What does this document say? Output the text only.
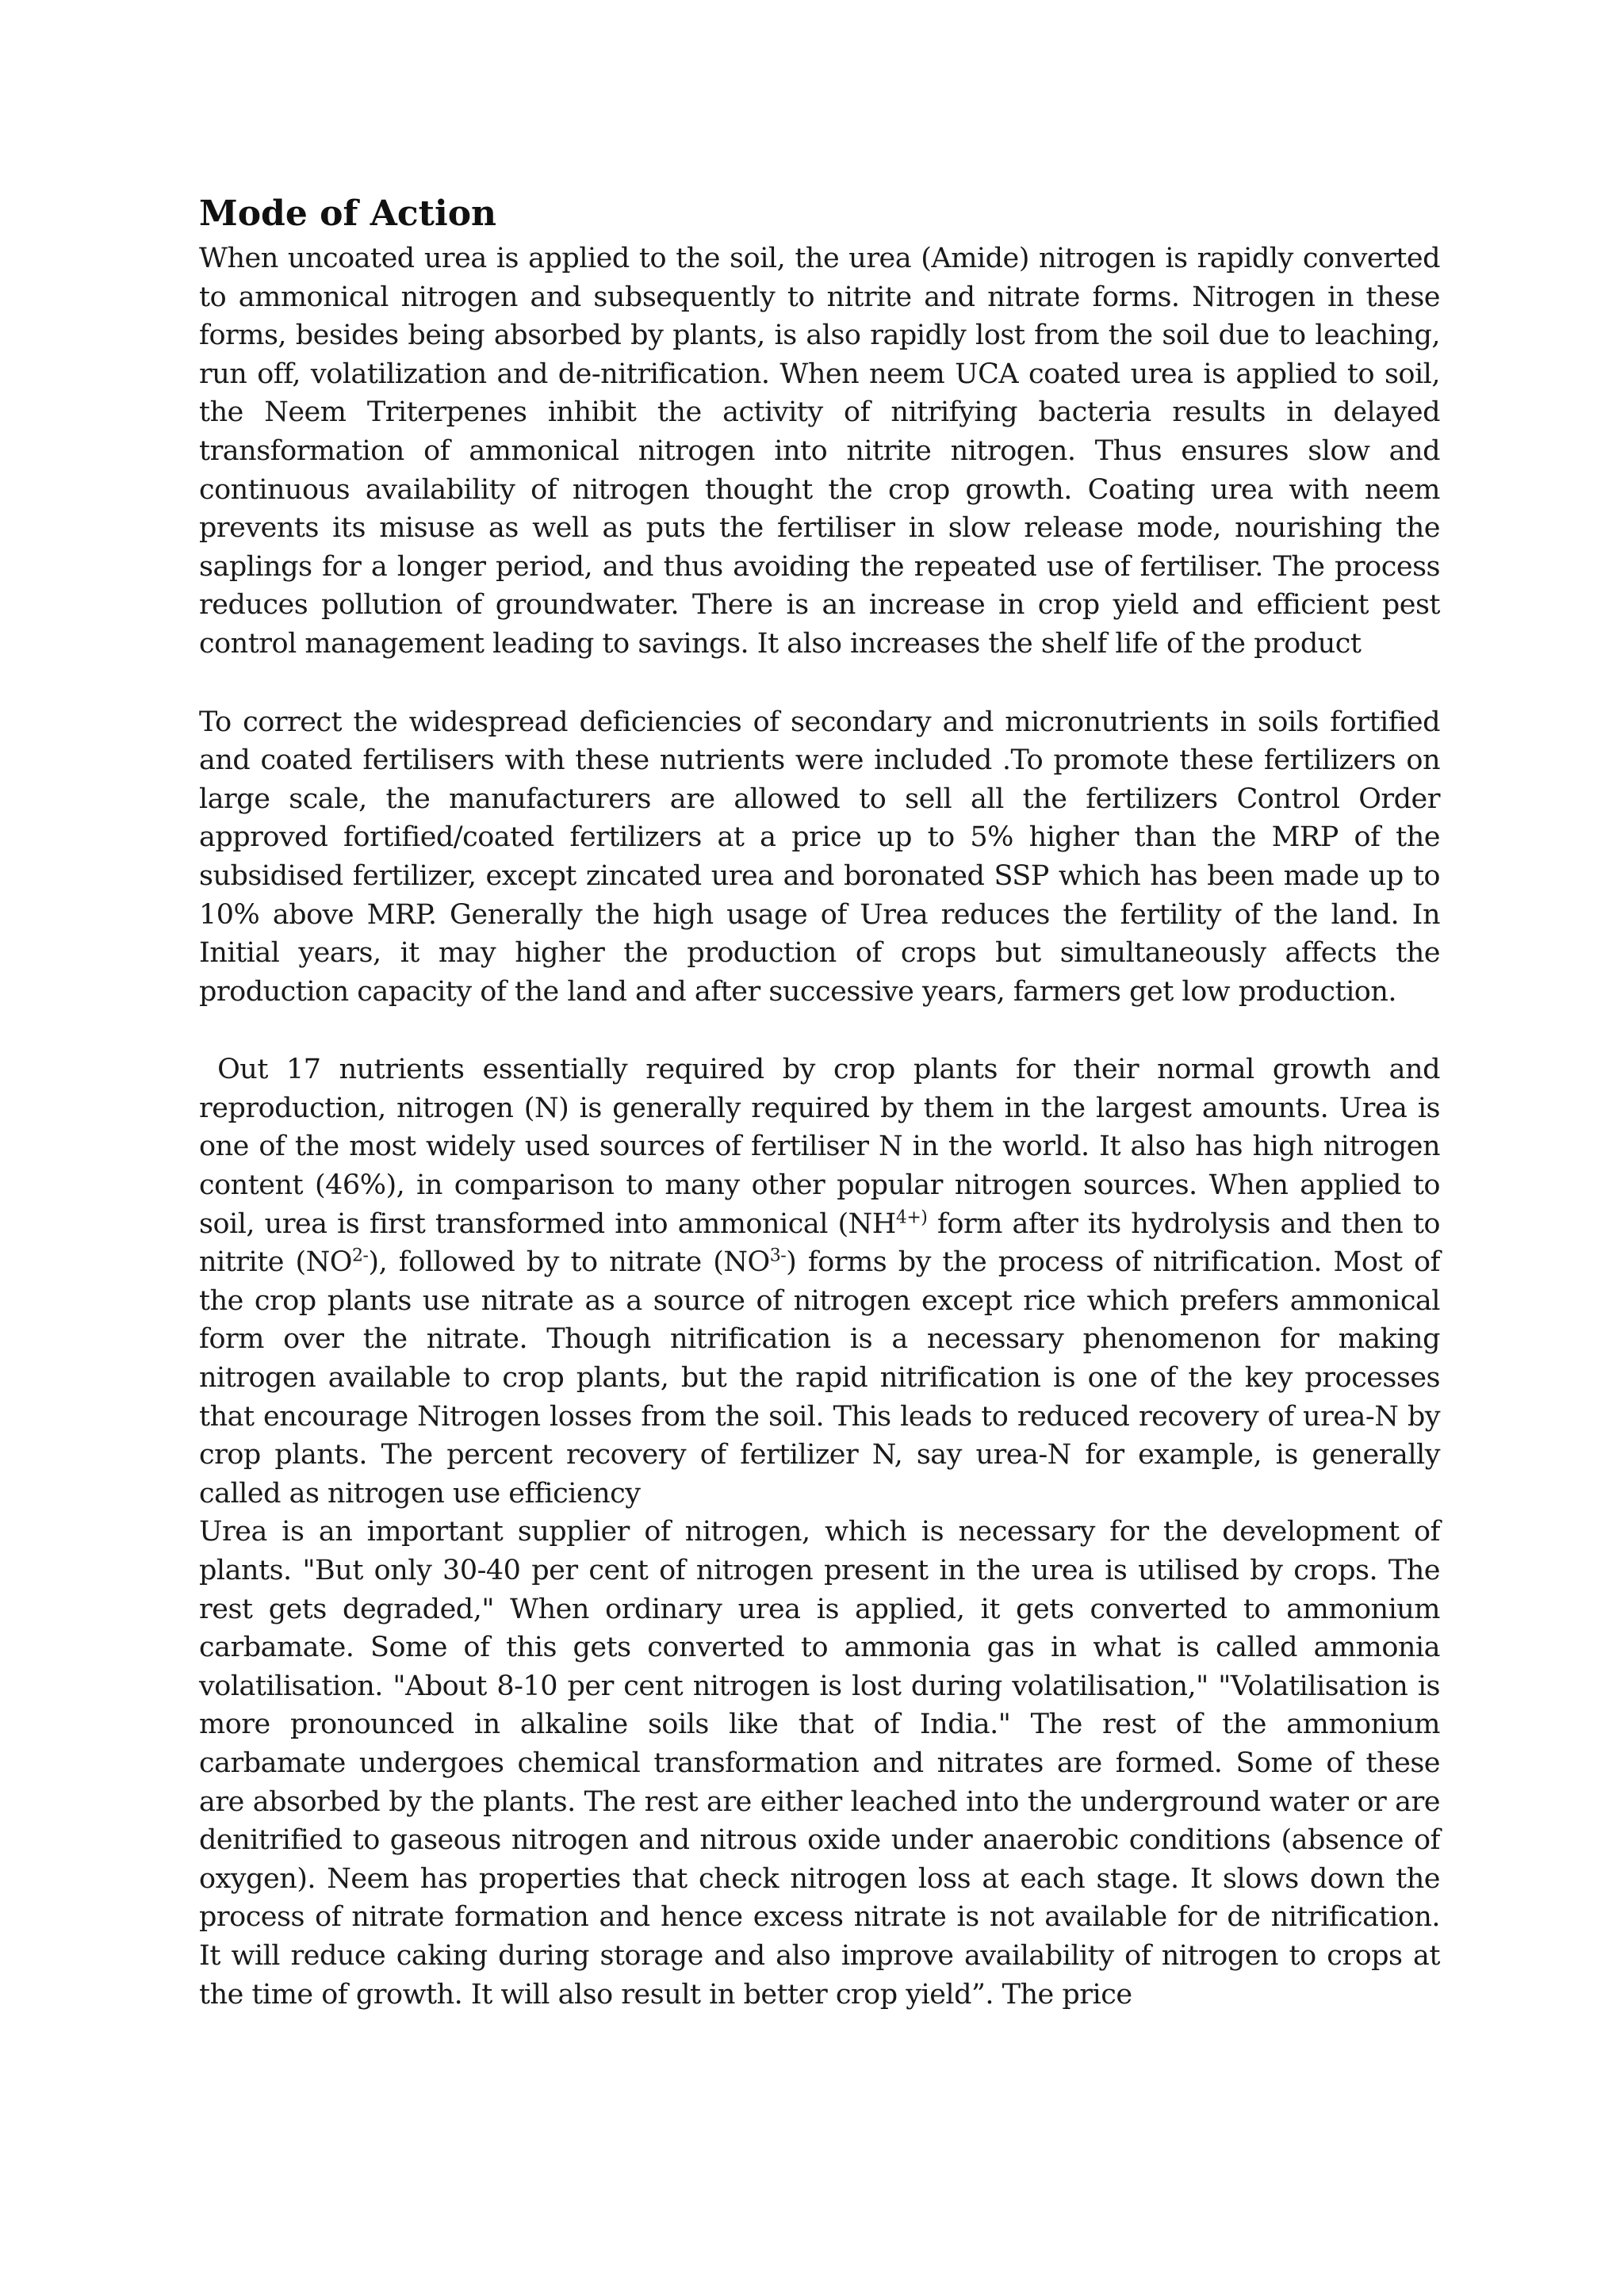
Mode of Action

When uncoated urea is applied to the soil, the urea (Amide) nitrogen is rapidly converted to ammonical nitrogen and subsequently to nitrite and nitrate forms. Nitrogen in these forms, besides being absorbed by plants, is also rapidly lost from the soil due to leaching, run off, volatilization and de-nitrification. When neem UCA coated urea is applied to soil, the Neem Triterpenes inhibit the activity of nitrifying bacteria results in delayed transformation of ammonical nitrogen into nitrite nitrogen. Thus ensures slow and continuous availability of nitrogen thought the crop growth. Coating urea with neem prevents its misuse as well as puts the fertiliser in slow release mode, nourishing the saplings for a longer period, and thus avoiding the repeated use of fertiliser. The process reduces pollution of groundwater. There is an increase in crop yield and efficient pest control management leading to savings. It also increases the shelf life of the product

To correct the widespread deficiencies of secondary and micronutrients in soils fortified and coated fertilisers with these nutrients were included .To promote these fertilizers on large scale, the manufacturers are allowed to sell all the fertilizers Control Order approved fortified/coated fertilizers at a price up to 5% higher than the MRP of the subsidised fertilizer, except zincated urea and boronated SSP which has been made up to 10% above MRP. Generally the high usage of Urea reduces the fertility of the land. In Initial years, it may higher the production of crops but simultaneously affects the production capacity of the land and after successive years, farmers get low production.

Out 17 nutrients essentially required by crop plants for their normal growth and reproduction, nitrogen (N) is generally required by them in the largest amounts. Urea is one of the most widely used sources of fertiliser N in the world. It also has high nitrogen content (46%), in comparison to many other popular nitrogen sources. When applied to soil, urea is first transformed into ammonical ($NH^{4+)}$ form after its hydrolysis and then to nitrite $(NO^{2-})$, followed by to nitrate $(NO^{3-})$ forms by the process of nitrification. Most of the crop plants use nitrate as a source of nitrogen except rice which prefers ammonical form over the nitrate. Though nitrification is a necessary phenomenon for making nitrogen available to crop plants, but the rapid nitrification is one of the key processes that encourage Nitrogen losses from the soil. This leads to reduced recovery of urea-N by crop plants. The percent recovery of fertilizer N, say urea-N for example, is generally called as nitrogen use efficiency

Urea is an important supplier of nitrogen, which is necessary for the development of plants. "But only 30-40 per cent of nitrogen present in the urea is utilised by crops. The rest gets degraded," When ordinary urea is applied, it gets converted to ammonium carbamate. Some of this gets converted to ammonia gas in what is called ammonia volatilisation. "About 8-10 per cent nitrogen is lost during volatilisation," "Volatilisation is more pronounced in alkaline soils like that of India." The rest of the ammonium carbamate undergoes chemical transformation and nitrates are formed. Some of these are absorbed by the plants. The rest are either leached into the underground water or are denitrified to gaseous nitrogen and nitrous oxide under anaerobic conditions (absence of oxygen). Neem has properties that check nitrogen loss at each stage. It slows down the process of nitrate formation and hence excess nitrate is not available for de nitrification. It will reduce caking during storage and also improve availability of nitrogen to crops at the time of growth. It will also result in better crop yield”. The price
